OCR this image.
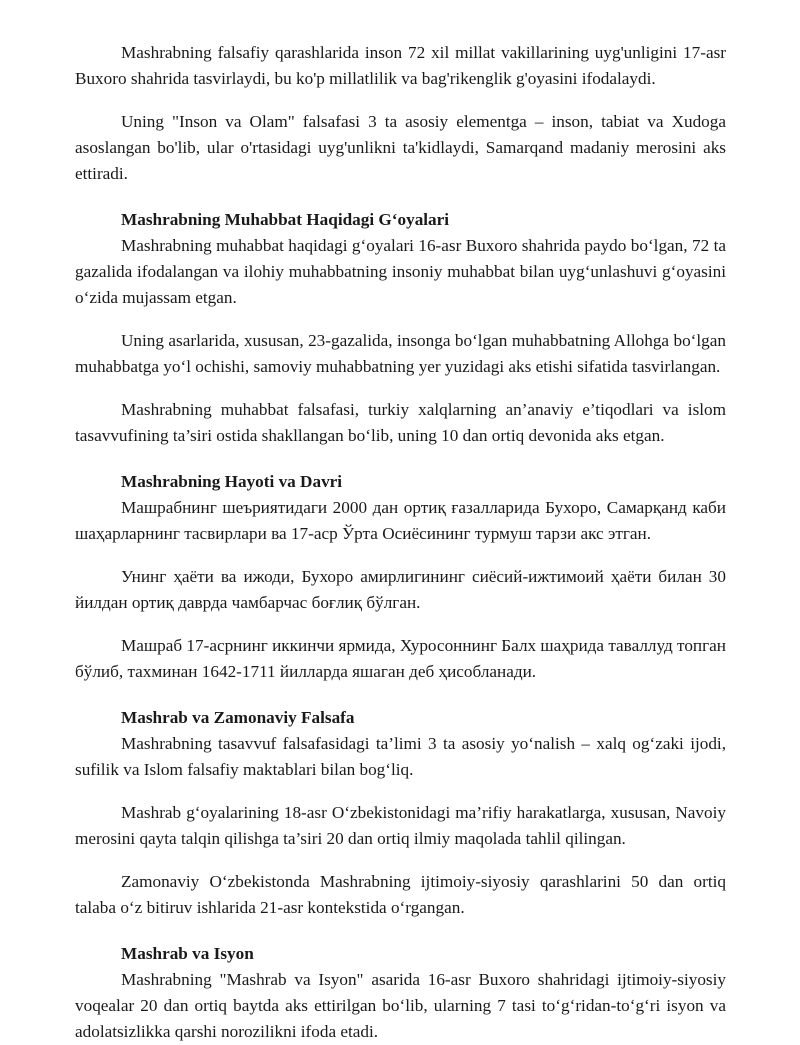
Mashrabning falsafiy qarashlarida inson 72 xil millat vakillarining uyg'unligini 17-asr Buxoro shahrida tasvirlaydi, bu ko'p millatlilik va bag'rikenglik g'oyasini ifodalaydi.

Uning "Inson va Olam" falsafasi 3 ta asosiy elementga – inson, tabiat va Xudoga asoslangan bo'lib, ular o'rtasidagi uyg'unlikni ta'kidlaydi, Samarqand madaniy merosini aks ettiradi.

Mashrabning Muhabbat Haqidagi G‘oyalari

Mashrabning muhabbat haqidagi g‘oyalari 16-asr Buxoro shahrida paydo bo‘lgan, 72 ta gazalida ifodalangan va ilohiy muhabbatning insoniy muhabbat bilan uyg‘unlashuvi g‘oyasini o‘zida mujassam etgan.

Uning asarlarida, xususan, 23-gazalida, insonga bo‘lgan muhabbatning Allohga bo‘lgan muhabbatga yo‘l ochishi, samoviy muhabbatning yer yuzidagi aks etishi sifatida tasvirlangan.

Mashrabning muhabbat falsafasi, turkiy xalqlarning an’anaviy e’tiqodlari va islom tasavvufining ta’siri ostida shakllangan bo‘lib, uning 10 dan ortiq devonida aks etgan.

Mashrabning Hayoti va Davri

Машрабнинг шеъриятидаги 2000 дан ортиқ ғазалларида Бухоро, Самарқанд каби шаҳарларнинг тасвирлари ва 17-аср Ўрта Осиёсининг турмуш тарзи акс этган.

Унинг ҳаёти ва ижоди, Бухоро амирлигининг сиёсий-ижтимоий ҳаёти билан 30 йилдан ортиқ даврда чамбарчас боғлиқ бўлган.

Машраб 17-асрнинг иккинчи ярмида, Хуросоннинг Балх шаҳрида таваллуд топган бўлиб, тахминан 1642-1711 йилларда яшаган деб ҳисобланади.

Mashrab va Zamonaviy Falsafa

Mashrabning tasavvuf falsafasidagi ta’limi 3 ta asosiy yo‘nalish – xalq og‘zaki ijodi, sufilik va Islom falsafiy maktablari bilan bog‘liq.

Mashrab g‘oyalarining 18-asr O‘zbekistonidagi ma’rifiy harakatlarga, xususan, Navoiy merosini qayta talqin qilishga ta’siri 20 dan ortiq ilmiy maqolada tahlil qilingan.

Zamonaviy O‘zbekistonda Mashrabning ijtimoiy-siyosiy qarashlarini 50 dan ortiq talaba o‘z bitiruv ishlarida 21-asr kontekstida o‘rgangan.

Mashrab va Isyon

Mashrabning "Mashrab va Isyon" asarida 16-asr Buxoro shahridagi ijtimoiy-siyosiy voqealar 20 dan ortiq baytda aks ettirilgan bo‘lib, ularning 7 tasi to‘g‘ridan-to‘g‘ri isyon va adolatsizlikka qarshi norozilikni ifoda etadi.
